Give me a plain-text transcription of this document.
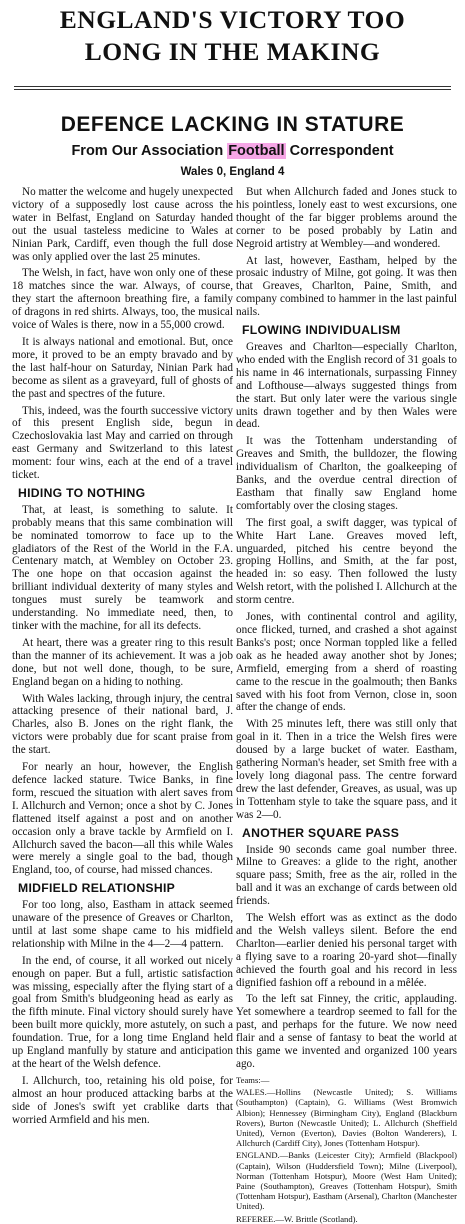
ENGLAND'S VICTORY TOO
LONG IN THE MAKING
DEFENCE LACKING IN STATURE
From Our Association Football Correspondent
Wales 0, England 4

No matter the welcome and hugely unexpected victory of a supposedly lost cause across the water in Belfast, England on Saturday handed out the usual tasteless medicine to Wales at Ninian Park, Cardiff, even though the full dose was only applied over the last 25 minutes.

The Welsh, in fact, have won only one of these 18 matches since the war. Always, of course, they start the afternoon breathing fire, a family of dragons in red shirts. Always, too, the musical voice of Wales is there, now in a 55,000 crowd.

It is always national and emotional. But, once more, it proved to be an empty bravado and by the last half-hour on Saturday, Ninian Park had become as silent as a graveyard, full of ghosts of the past and spectres of the future.

This, indeed, was the fourth successive victory of this present English side, begun in Czechoslovakia last May and carried on through east Germany and Switzerland to this latest moment: four wins, each at the end of a travel ticket.

HIDING TO NOTHING

That, at least, is something to salute. It probably means that this same combination will be nominated tomorrow to face up to the gladiators of the Rest of the World in the F.A. Centenary match, at Wembley on October 23. The one hope on that occasion against the brilliant individual dexterity of many styles and tongues must surely be teamwork and understanding. No immediate need, then, to tinker with the machine, for all its defects.

At heart, there was a greater ring to this result than the manner of its achievement. It was a job done, but not well done, though, to be sure, England began on a hiding to nothing.

With Wales lacking, through injury, the central attacking presence of their national bard, J. Charles, also B. Jones on the right flank, the victors were probably due for scant praise from the start.

For nearly an hour, however, the English defence lacked stature. Twice Banks, in fine form, rescued the situation with alert saves from I. Allchurch and Vernon; once a shot by C. Jones flattened itself against a post and on another occasion only a brave tackle by Armfield on I. Allchurch saved the bacon—all this while Wales were merely a single goal to the bad, though England, too, of course, had missed chances.

MIDFIELD RELATIONSHIP

For too long, also, Eastham in attack seemed unaware of the presence of Greaves or Charlton, until at last some shape came to his midfield relationship with Milne in the 4—2—4 pattern.

In the end, of course, it all worked out nicely enough on paper. But a full, artistic satisfaction was missing, especially after the flying start of a goal from Smith's bludgeoning head as early as the fifth minute. Final victory should surely have been built more quickly, more astutely, on such a foundation. True, for a long time England held up England manfully by stature and anticipation at the heart of the Welsh defence.

I. Allchurch, too, retaining his old poise, for almost an hour produced attacking barbs at the side of Jones's swift yet crablike darts that worried Armfield and his men.

But when Allchurch faded and Jones stuck to his pointless, lonely east to west excursions, one thought of the far bigger problems around the corner to be posed probably by Latin and Negroid artistry at Wembley—and wondered.

At last, however, Eastham, helped by the prosaic industry of Milne, got going. It was then that Greaves, Charlton, Paine, Smith, and company combined to hammer in the last painful nails.

FLOWING INDIVIDUALISM

Greaves and Charlton—especially Charlton, who ended with the English record of 31 goals to his name in 46 internationals, surpassing Finney and Lofthouse—always suggested things from the start. But only later were the various single units drawn together and by then Wales were dead.

It was the Tottenham understanding of Greaves and Smith, the bulldozer, the flowing individualism of Charlton, the goalkeeping of Banks, and the overdue central direction of Eastham that finally saw England home comfortably over the closing stages.

The first goal, a swift dagger, was typical of White Hart Lane. Greaves moved left, unguarded, pitched his centre beyond the groping Hollins, and Smith, at the far post, headed in: so easy. Then followed the lusty Welsh retort, with the polished I. Allchurch at the storm centre.

Jones, with continental control and agility, once flicked, turned, and crashed a shot against Banks's post; once Norman toppled like a felled oak as he headed away another shot by Jones; Armfield, emerging from a sherd of roasting came to the rescue in the goalmouth; then Banks saved with his foot from Vernon, close in, soon after the change of ends.

With 25 minutes left, there was still only that goal in it. Then in a trice the Welsh fires were doused by a large bucket of water. Eastham, gathering Norman's header, set Smith free with a lovely long diagonal pass. The centre forward drew the last defender, Greaves, as usual, was up in Tottenham style to take the square pass, and it was 2—0.

ANOTHER SQUARE PASS

Inside 90 seconds came goal number three. Milne to Greaves: a glide to the right, another square pass; Smith, free as the air, rolled in the ball and it was an exchange of cards between old friends.

The Welsh effort was as extinct as the dodo and the Welsh valleys silent. Before the end Charlton—earlier denied his personal target with a flying save to a roaring 20-yard shot—finally achieved the fourth goal and his record in less dignified fashion off a rebound in a mêlée.

To the left sat Finney, the critic, applauding. Yet somewhere a teardrop seemed to fall for the past, and perhaps for the future. We now need flair and a sense of fantasy to beat the world at this game we invented and organized 100 years ago.

Teams:—

WALES.—Hollins (Newcastle United); S. Williams (Southampton) (Captain), G. Williams (West Bromwich Albion); Hennessey (Birmingham City), England (Blackburn Rovers), Burton (Newcastle United); L. Allchurch (Sheffield United), Vernon (Everton), Davies (Bolton Wanderers), I. Allchurch (Cardiff City), Jones (Tottenham Hotspur).

ENGLAND.—Banks (Leicester City); Armfield (Blackpool) (Captain), Wilson (Huddersfield Town); Milne (Liverpool), Norman (Tottenham Hotspur), Moore (West Ham United); Paine (Southampton), Greaves (Tottenham Hotspur), Smith (Tottenham Hotspur), Eastham (Arsenal), Charlton (Manchester United).

REFEREE.—W. Brittle (Scotland).
